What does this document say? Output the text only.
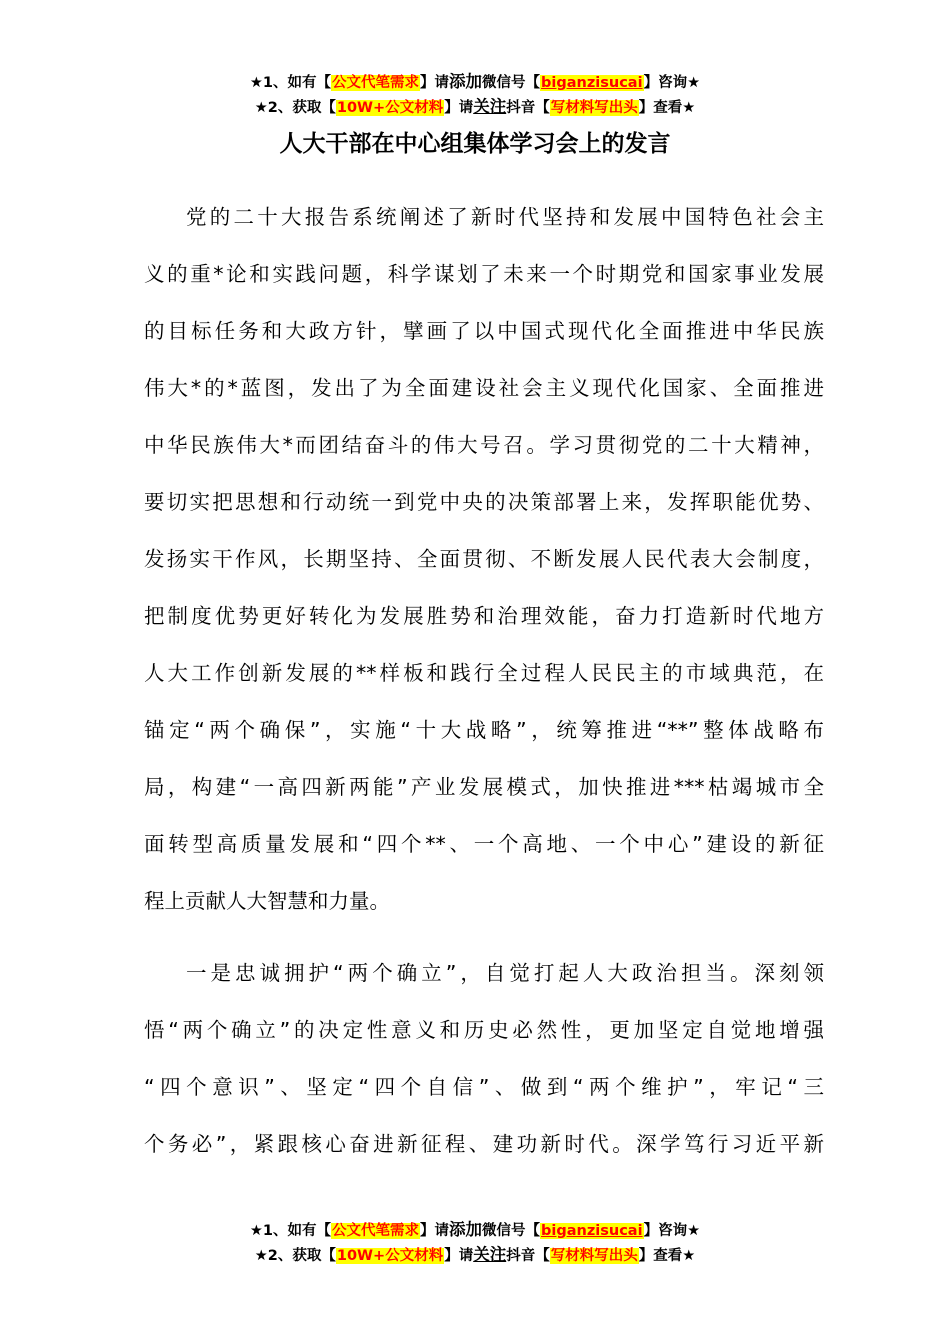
★1、如有【公文代笔需求】请添加微信号【biganzisucai】咨询★
★2、获取【10W+公文材料】请关注抖音【写材料写出头】查看★
人大干部在中心组集体学习会上的发言
党的二十大报告系统阐述了新时代坚持和发展中国特色社会主
义的重*论和实践问题，科学谋划了未来一个时期党和国家事业发展
的目标任务和大政方针，擘画了以中国式现代化全面推进中华民族
伟大*的*蓝图，发出了为全面建设社会主义现代化国家、全面推进
中华民族伟大*而团结奋斗的伟大号召。学习贯彻党的二十大精神，
要切实把思想和行动统一到党中央的决策部署上来，发挥职能优势、
发扬实干作风，长期坚持、全面贯彻、不断发展人民代表大会制度，
把制度优势更好转化为发展胜势和治理效能，奋力打造新时代地方
人大工作创新发展的**样板和践行全过程人民民主的市域典范，在
锚定“两个确保”，实施“十大战略”，统筹推进“**”整体战略布
局，构建“一高四新两能”产业发展模式，加快推进***枯竭城市全
面转型高质量发展和“四个**、一个高地、一个中心”建设的新征
程上贡献人大智慧和力量。
一是忠诚拥护“两个确立”，自觉打起人大政治担当。深刻领
悟“两个确立”的决定性意义和历史必然性，更加坚定自觉地增强
“四个意识”、坚定“四个自信”、做到“两个维护”，牢记“三
个务必”，紧跟核心奋进新征程、建功新时代。深学笃行习近平新
★1、如有【公文代笔需求】请添加微信号【biganzisucai】咨询★
★2、获取【10W+公文材料】请关注抖音【写材料写出头】查看★
